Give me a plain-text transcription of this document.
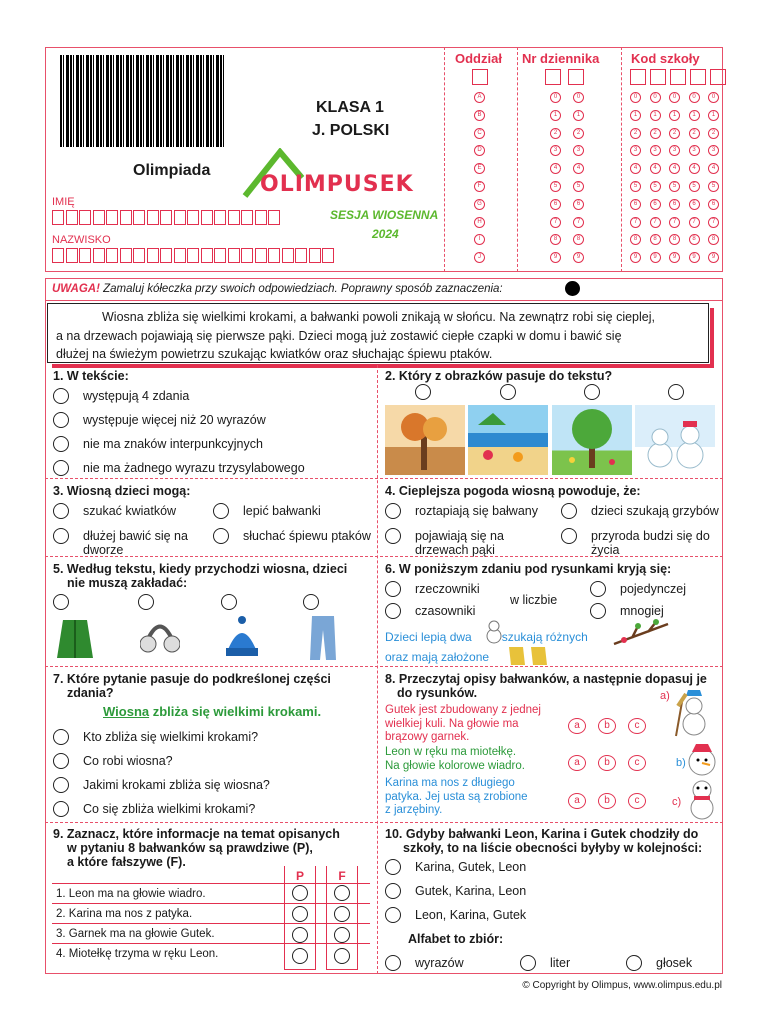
KLASA 1
J. POLSKI
Olimpiada
OLIMPUSEK
SESJA WIOSENNA
2024
IMIĘ
NAZWISKO
Oddział Nr dziennika Kod szkoły
A
B
C
D
E
F
G
H
I
J
0
1
2
3
4
5
6
7
8
9
0
1
2
3
4
5
6
7
8
9
0
1
2
3
4
5
6
7
8
9
0
1
2
3
4
5
6
7
8
9
0
1
2
3
4
5
6
7
8
9
0
1
2
3
4
5
6
7
8
9
0
1
2
3
4
5
6
7
8
9
UWAGA! Zamaluj kółeczka przy swoich odpowiedziach. Poprawny sposób zaznaczenia:
Wiosna zbliża się wielkimi krokami, a bałwanki powoli znikają w słońcu. Na zewnątrz robi się cieplej,
a na drzewach pojawiają się pierwsze pąki. Dzieci mogą już zostawić ciepłe czapki w domu i bawić się
dłużej na świeżym powietrzu szukając kwiatków oraz słuchając śpiewu ptaków.
1. W tekście:
występują 4 zdania
występuje więcej niż 20 wyrazów
nie ma znaków interpunkcyjnych
nie ma żadnego wyrazu trzysylabowego
2. Który z obrazków pasuje do tekstu?
3. Wiosną dzieci mogą:
szukać kwiatków	lepić bałwanki
dłużej bawić się na
dworze
słuchać śpiewu ptaków
4. Cieplejsza pogoda wiosną powoduje, że:
roztapiają się bałwany	dzieci szukają grzybów
pojawiają się na
drzewach pąki
przyroda budzi się do
życia
5. Według tekstu, kiedy przychodzi wiosna, dzieci
nie muszą zakładać:
6. W poniższym zdaniu pod rysunkami kryją się:
rzeczowniki
czasowniki
w liczbie
pojedynczej
mnogiej
Dzieci lepią dwa	szukają różnych
oraz mają założone
7. Które pytanie pasuje do podkreślonej części
zdania?
Wiosna zbliża się wielkimi krokami.
Kto zbliża się wielkimi krokami?
Co robi wiosna?
Jakimi krokami zbliża się wiosna?
Co się zbliża wielkimi krokami?
8. Przeczytaj opisy bałwanków, a następnie dopasuj je
do rysunków.
Gutek jest zbudowany z jednej
wielkiej kuli. Na głowie ma
brązowy garnek.
Leon w ręku ma miotełkę.
Na głowie kolorowe wiadro.
Karina ma nos z długiego
patyka. Jej usta są zrobione
z jarzębiny.
a b c
a b c
a b c
a)
b)
c)
9. Zaznacz, które informacje na temat opisanych
w pytaniu 8 bałwanków są prawdziwe (P),
a które fałszywe (F).
P	F
1. Leon ma na głowie wiadro.
2. Karina ma nos z patyka.
3. Garnek ma na głowie Gutek.
4. Miotełkę trzyma w ręku Leon.
10. Gdyby bałwanki Leon, Karina i Gutek chodziły do
szkoły, to na liście obecności byłyby w kolejności:
Karina, Gutek, Leon
Gutek, Karina, Leon
Leon, Karina, Gutek
Alfabet to zbiór:
wyrazów	liter	głosek
© Copyright by Olimpus, www.olimpus.edu.pl
